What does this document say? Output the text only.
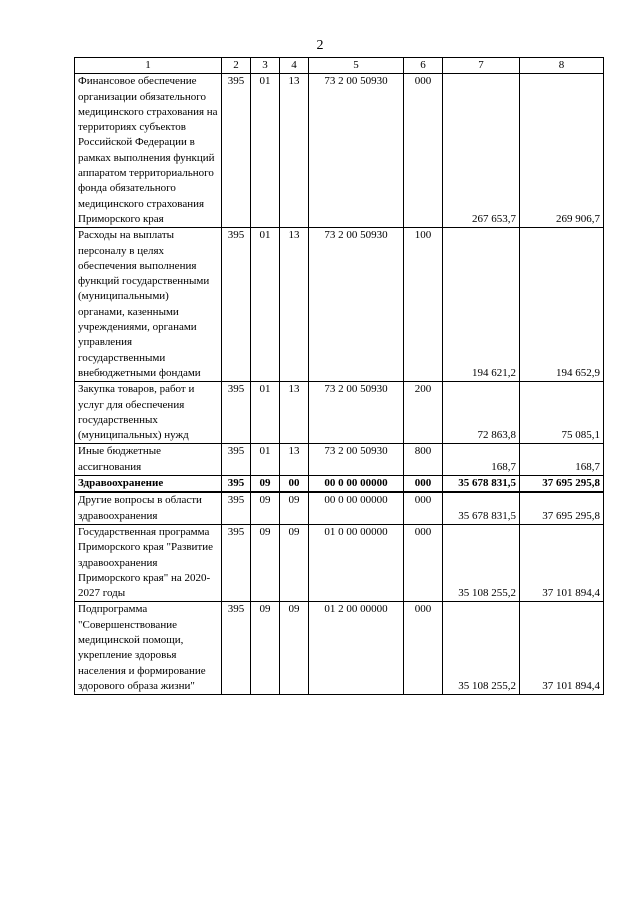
2
1	2	3	4	5	6	7	8
Финансовое обеспечение организации обязательного медицинского страхования на территориях субъектов Российской Федерации в рамках выполнения функций аппаратом территориального фонда обязательного медицинского страхования Приморского края	395	01	13	73 2 00 50930	000	267 653,7	269 906,7
Расходы на выплаты персоналу в целях обеспечения выполнения функций государственными (муниципальными) органами, казенными учреждениями, органами управления государственными внебюджетными фондами	395	01	13	73 2 00 50930	100	194 621,2	194 652,9
Закупка товаров, работ и услуг для обеспечения государственных (муниципальных) нужд	395	01	13	73 2 00 50930	200	72 863,8	75 085,1
Иные бюджетные ассигнования	395	01	13	73 2 00 50930	800	168,7	168,7
Здравоохранение	395	09	00	00 0 00 00000	000	35 678 831,5	37 695 295,8
Другие вопросы в области здравоохранения	395	09	09	00 0 00 00000	000	35 678 831,5	37 695 295,8
Государственная программа Приморского края "Развитие здравоохранения Приморского края" на 2020-2027 годы	395	09	09	01 0 00 00000	000	35 108 255,2	37 101 894,4
Подпрограмма "Совершенствование медицинской помощи, укрепление здоровья населения и формирование здорового образа жизни"	395	09	09	01 2 00 00000	000	35 108 255,2	37 101 894,4
